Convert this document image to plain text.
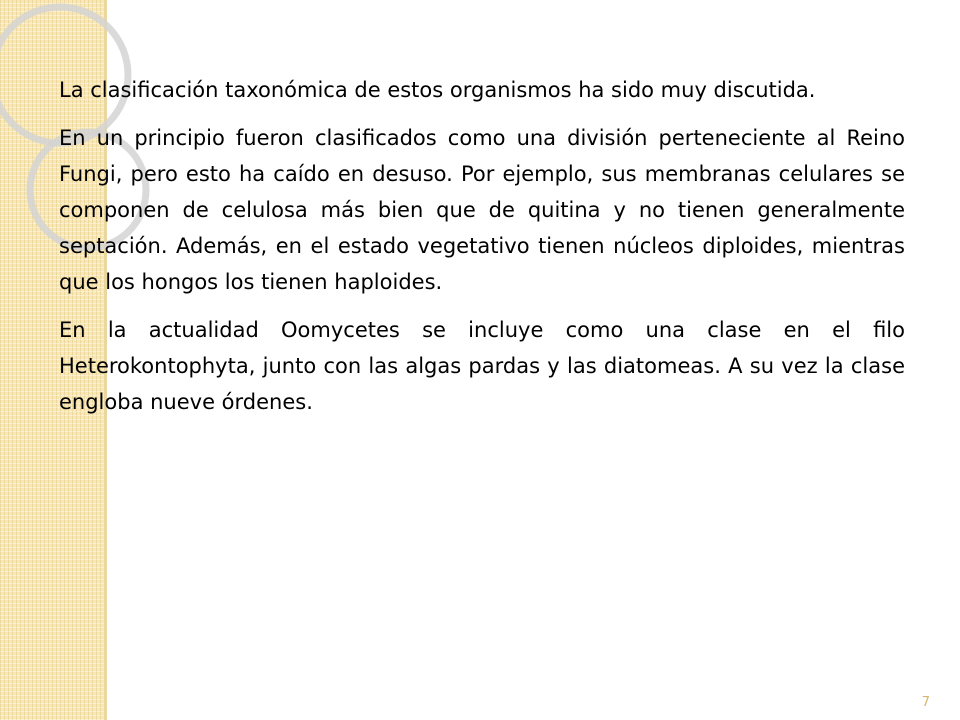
La clasificación taxonómica de estos organismos ha sido muy discutida.

En un principio fueron clasificados como una división perteneciente al Reino Fungi, pero esto ha caído en desuso. Por ejemplo, sus membranas celulares se componen de celulosa más bien que de quitina y no tienen generalmente septación. Además, en el estado vegetativo tienen núcleos diploides, mientras que los hongos los tienen haploides.

En la actualidad Oomycetes se incluye como una clase en el filo Heterokontophyta, junto con las algas pardas y las diatomeas. A su vez la clase engloba nueve órdenes.

7
